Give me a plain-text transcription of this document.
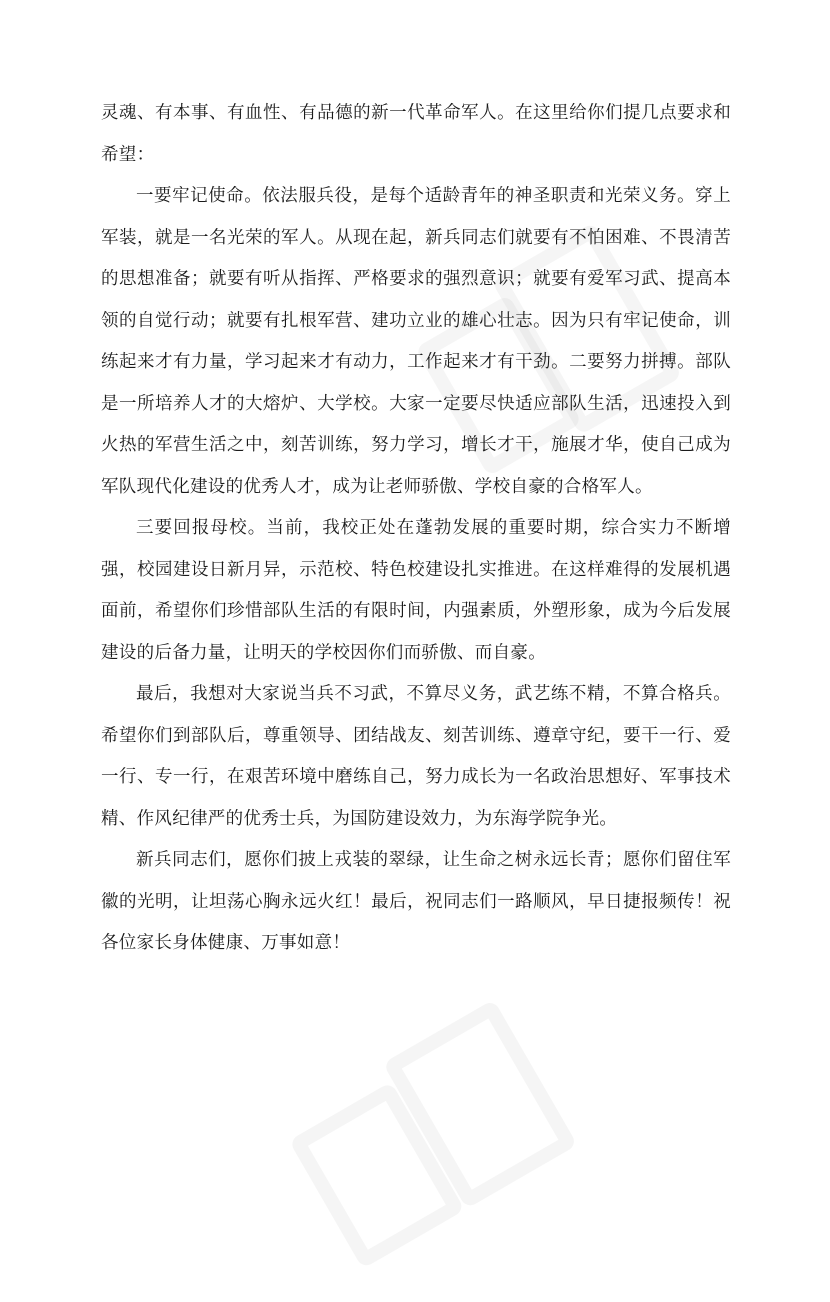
灵魂、有本事、有血性、有品德的新一代革命军人。在这里给你们提几点要求和希望：

一要牢记使命。依法服兵役，是每个适龄青年的神圣职责和光荣义务。穿上军装，就是一名光荣的军人。从现在起，新兵同志们就要有不怕困难、不畏清苦的思想准备；就要有听从指挥、严格要求的强烈意识；就要有爱军习武、提高本领的自觉行动；就要有扎根军营、建功立业的雄心壮志。因为只有牢记使命，训练起来才有力量，学习起来才有动力，工作起来才有干劲。二要努力拼搏。部队是一所培养人才的大熔炉、大学校。大家一定要尽快适应部队生活，迅速投入到火热的军营生活之中，刻苦训练，努力学习，增长才干，施展才华，使自己成为军队现代化建设的优秀人才，成为让老师骄傲、学校自豪的合格军人。

三要回报母校。当前，我校正处在蓬勃发展的重要时期，综合实力不断增强，校园建设日新月异，示范校、特色校建设扎实推进。在这样难得的发展机遇面前，希望你们珍惜部队生活的有限时间，内强素质，外塑形象，成为今后发展建设的后备力量，让明天的学校因你们而骄傲、而自豪。

最后，我想对大家说当兵不习武，不算尽义务，武艺练不精，不算合格兵。希望你们到部队后，尊重领导、团结战友、刻苦训练、遵章守纪，要干一行、爱一行、专一行，在艰苦环境中磨练自己，努力成长为一名政治思想好、军事技术精、作风纪律严的优秀士兵，为国防建设效力，为东海学院争光。

新兵同志们，愿你们披上戎装的翠绿，让生命之树永远长青；愿你们留住军徽的光明，让坦荡心胸永远火红！最后，祝同志们一路顺风，早日捷报频传！祝各位家长身体健康、万事如意！
